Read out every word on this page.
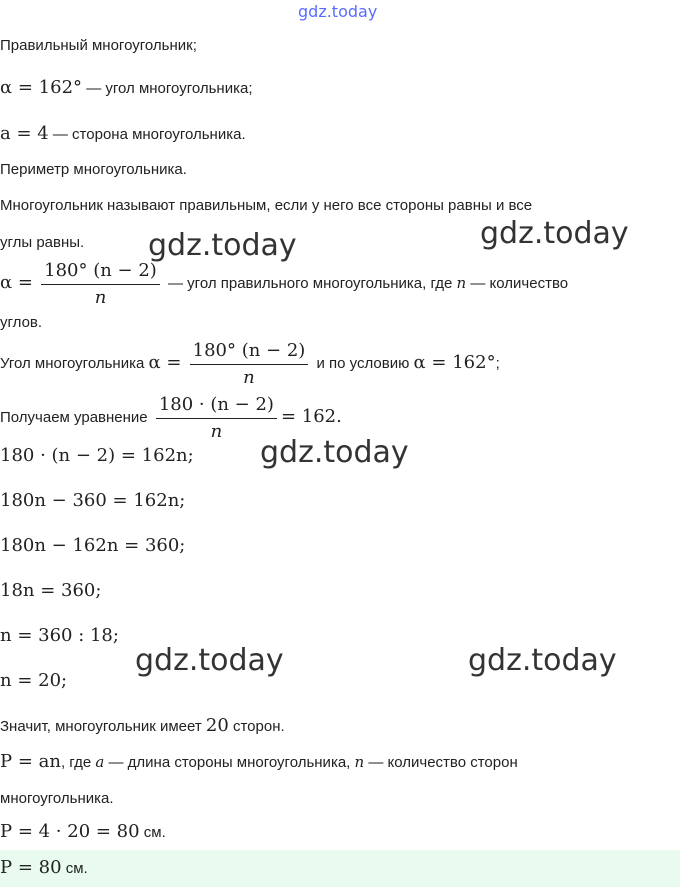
gdz.today
Правильный многоугольник;
α = 162° — угол многоугольника;
a = 4 — сторона многоугольника.
Периметр многоугольника.
Многоугольник называют правильным, если у него все стороны равны и все
углы равны.
$\alpha = \frac{180^\circ (n - 2)}{n}$ — угол правильного многоугольника, где n — количество
углов.
Угол многоугольника $\alpha = \frac{180^\circ (n - 2)}{n}$ и по условию α = 162°;
Получаем уравнение $\frac{180 \cdot (n - 2)}{n} = 162$.
180 · (n − 2) = 162n;
180n − 360 = 162n;
180n − 162n = 360;
18n = 360;
n = 360 : 18;
n = 20;
Значит, многоугольник имеет 20 сторон.
P = an, где a — длина стороны многоугольника, n — количество сторон
многоугольника.
P = 4 · 20 = 80 см.
P = 80 см.
gdz.today	gdz.today
gdz.today
gdz.today	gdz.today
